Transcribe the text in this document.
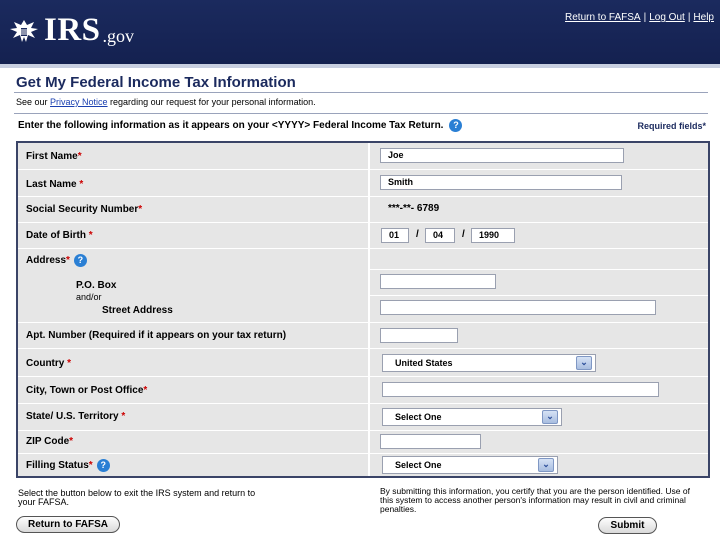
IRS .gov
Return to FAFSA | Log Out | Help
Get My Federal Income Tax Information
See our Privacy Notice regarding our request for your personal information.
Enter the following information as it appears on your <YYYY> Federal Income Tax Return.	?	Required fields*
First Name*	Joe
Last Name *	Smith
Social Security Number*	***-**- 6789
Date of Birth *	01	/	04	/	1990
Address * ?
P.O. Box
and/or
Street Address
Apt. Number (Required if it appears on your tax return)
Country *	United States	⌄
City, Town or Post Office*
State/ U.S. Territory *	Select One	⌄
ZIP Code*
Filling Status * ?	Select One	⌄
Select the button below to exit the IRS system and return to your FAFSA.
By submitting this information, you certify that you are the person identified. Use of this system to access another person's information may result in civil and criminal penalties.
Return to FAFSA	Submit
